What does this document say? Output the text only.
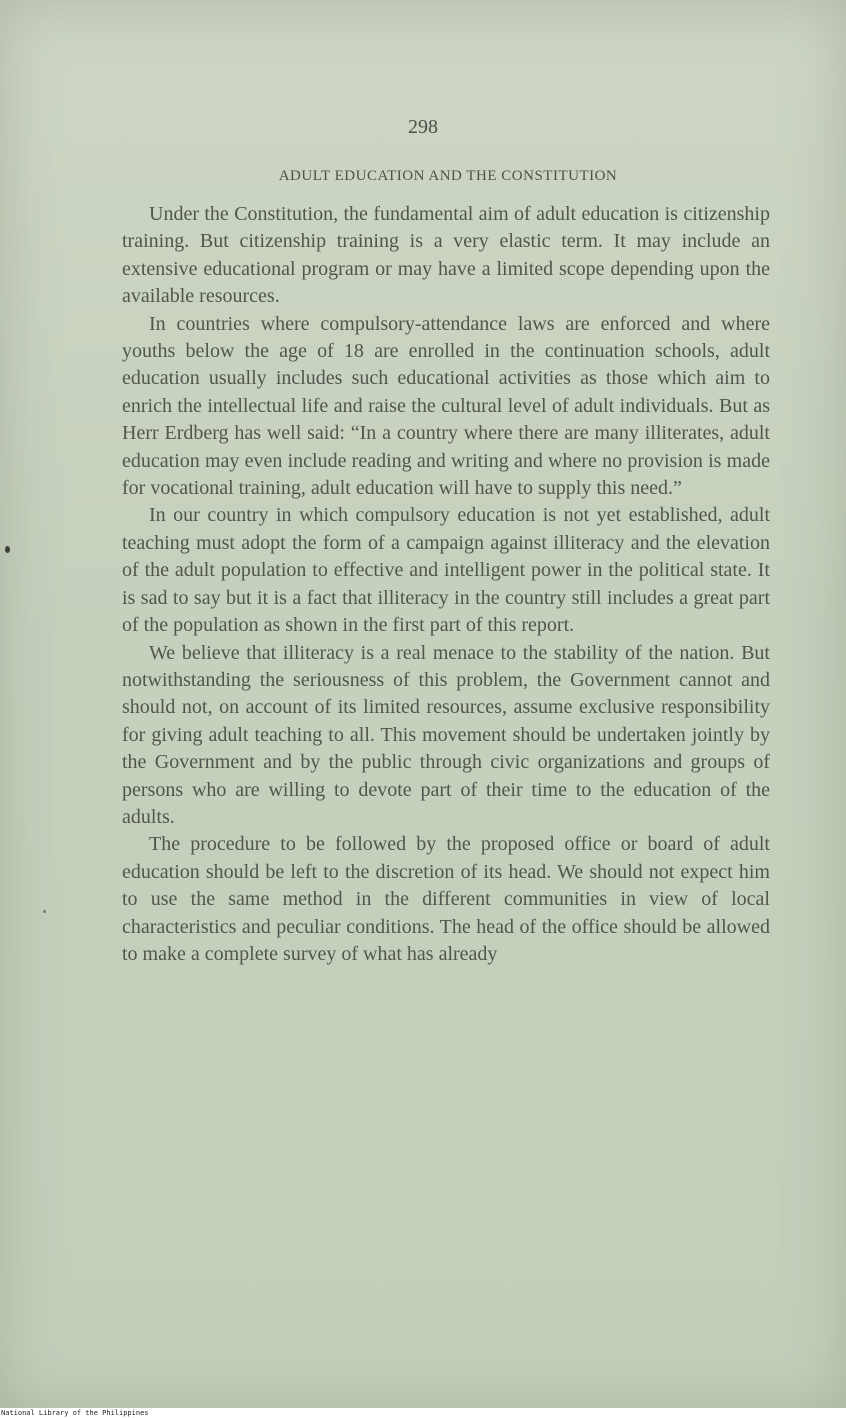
298

ADULT EDUCATION AND THE CONSTITUTION

Under the Constitution, the fundamental aim of adult education is citizenship training. But citizenship training is a very elastic term. It may include an extensive educational program or may have a limited scope depending upon the available resources.

In countries where compulsory-attendance laws are enforced and where youths below the age of 18 are enrolled in the continuation schools, adult education usually includes such educational activities as those which aim to enrich the intellectual life and raise the cultural level of adult individuals. But as Herr Erdberg has well said: “In a country where there are many illiterates, adult education may even include reading and writing and where no provision is made for vocational training, adult education will have to supply this need.”

In our country in which compulsory education is not yet established, adult teaching must adopt the form of a campaign against illiteracy and the elevation of the adult population to effective and intelligent power in the political state. It is sad to say but it is a fact that illiteracy in the country still includes a great part of the population as shown in the first part of this report.

We believe that illiteracy is a real menace to the stability of the nation. But notwithstanding the seriousness of this problem, the Government cannot and should not, on account of its limited resources, assume exclusive responsibility for giving adult teaching to all. This movement should be undertaken jointly by the Government and by the public through civic organizations and groups of persons who are willing to devote part of their time to the education of the adults.

The procedure to be followed by the proposed office or board of adult education should be left to the discretion of its head. We should not expect him to use the same method in the different communities in view of local characteristics and peculiar conditions. The head of the office should be allowed to make a complete survey of what has already

National Library of the Philippines
